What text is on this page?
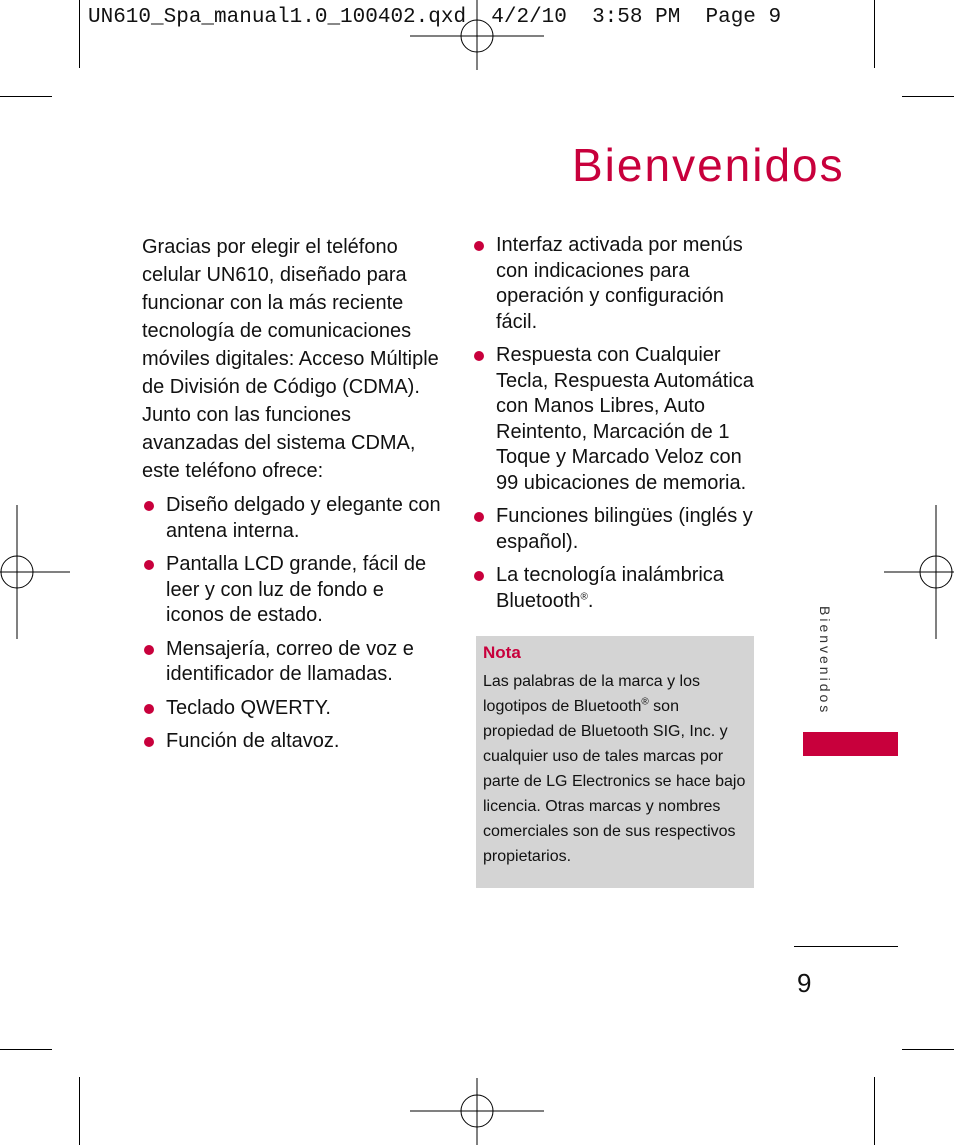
UN610_Spa_manual1.0_100402.qxd  4/2/10  3:58 PM  Page 9
Bienvenidos

Gracias por elegir el teléfono celular UN610, diseñado para funcionar con la más reciente tecnología de comunicaciones móviles digitales: Acceso Múltiple de División de Código (CDMA). Junto con las funciones avanzadas del sistema CDMA, este teléfono ofrece:

Diseño delgado y elegante con antena interna.
Pantalla LCD grande, fácil de leer y con luz de fondo e iconos de estado.
Mensajería, correo de voz e identificador de llamadas.
Teclado QWERTY.
Función de altavoz.
Interfaz activada por menús con indicaciones para operación y configuración fácil.
Respuesta con Cualquier Tecla, Respuesta Automática con Manos Libres, Auto Reintento, Marcación de 1 Toque y Marcado Veloz con 99 ubicaciones de memoria.
Funciones bilingües (inglés y español).
La tecnología inalámbrica Bluetooth®.
Nota
Las palabras de la marca y los logotipos de Bluetooth® son propiedad de Bluetooth SIG, Inc. y cualquier uso de tales marcas por parte de LG Electronics se hace bajo licencia. Otras marcas y nombres comerciales son de sus respectivos propietarios.
Bienvenidos
9
